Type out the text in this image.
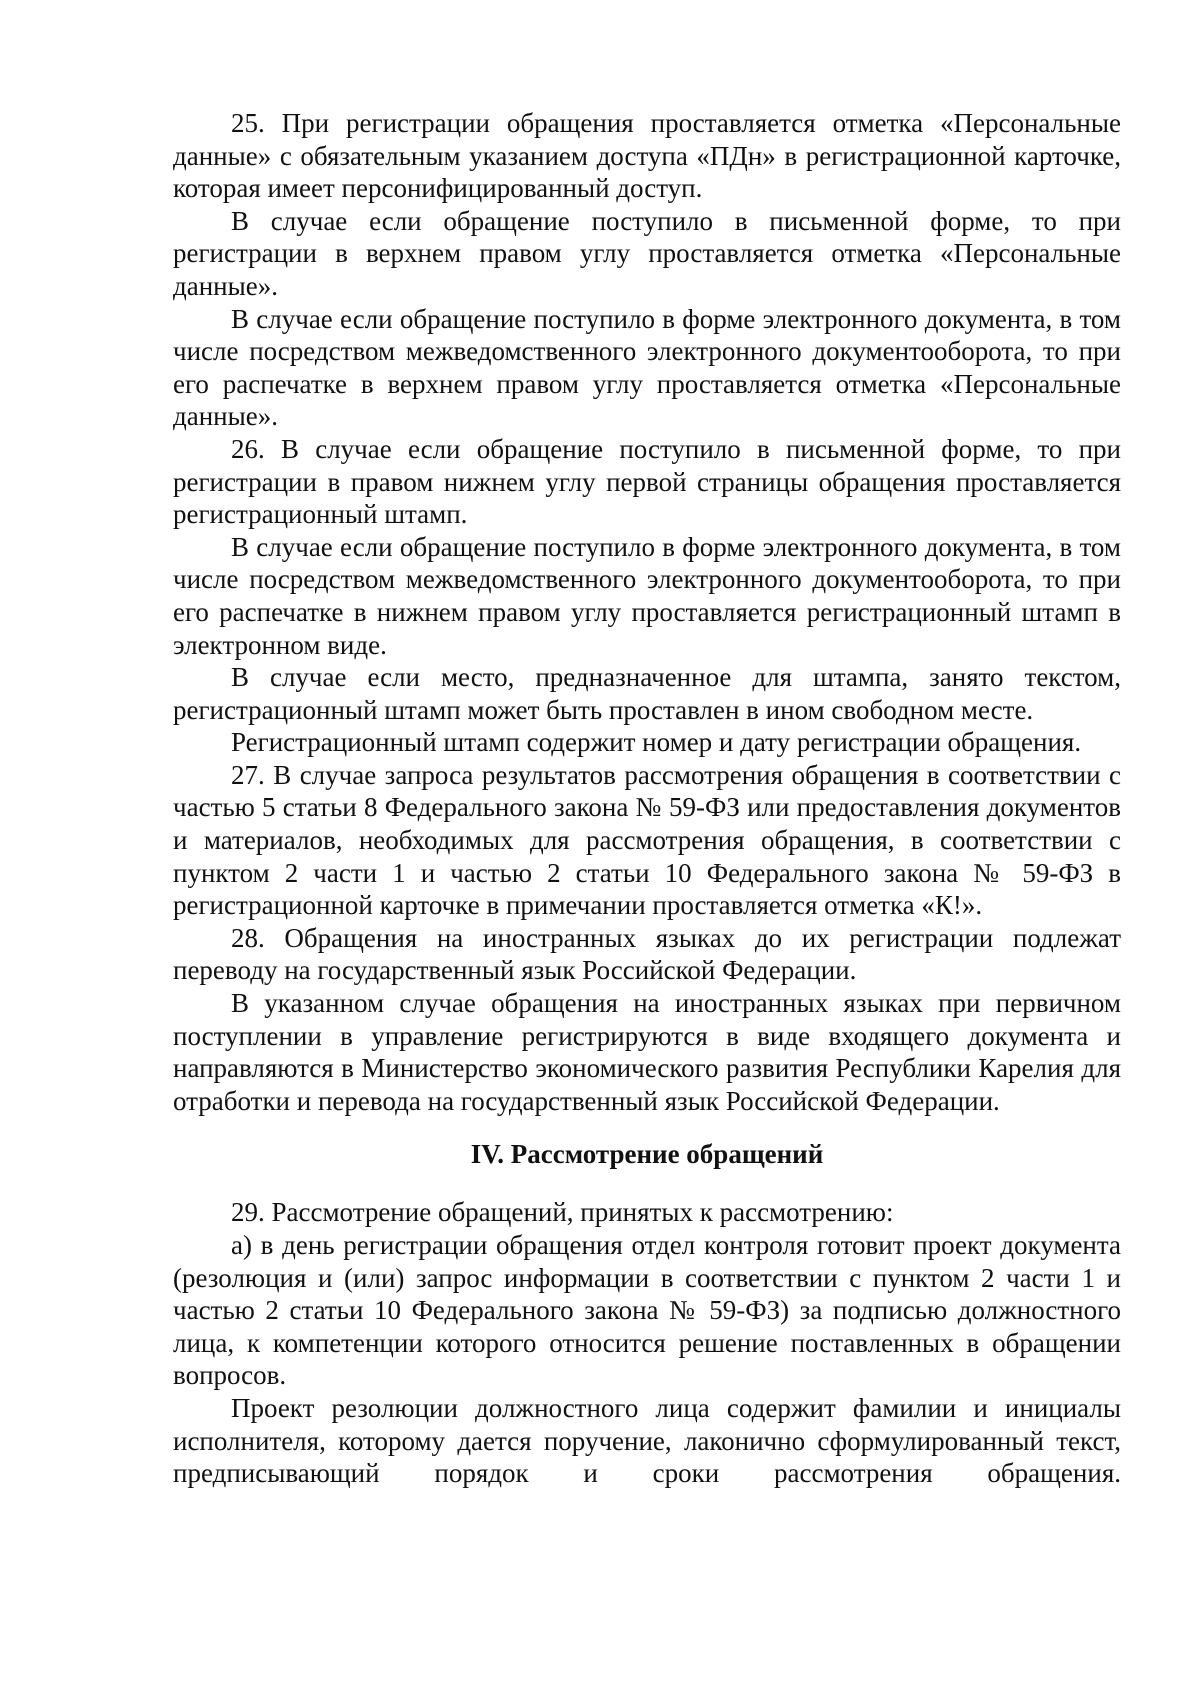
25. При регистрации обращения проставляется отметка «Персональные данные» с обязательным указанием доступа «ПДн» в регистрационной карточке, которая имеет персонифицированный доступ.

В случае если обращение поступило в письменной форме, то при регистрации в верхнем правом углу проставляется отметка «Персональные данные».

В случае если обращение поступило в форме электронного документа, в том числе посредством межведомственного электронного документооборота, то при его распечатке в верхнем правом углу проставляется отметка «Персональные данные».

26. В случае если обращение поступило в письменной форме, то при регистрации в правом нижнем углу первой страницы обращения проставляется регистрационный штамп.

В случае если обращение поступило в форме электронного документа, в том числе посредством межведомственного электронного документооборота, то при его распечатке в нижнем правом углу проставляется регистрационный штамп в электронном виде.

В случае если место, предназначенное для штампа, занято текстом, регистрационный штамп может быть проставлен в ином свободном месте.

Регистрационный штамп содержит номер и дату регистрации обращения.

27. В случае запроса результатов рассмотрения обращения в соответствии с частью 5 статьи 8 Федерального закона № 59-ФЗ или предоставления документов и материалов, необходимых для рассмотрения обращения, в соответствии с пунктом 2 части 1 и частью 2 статьи 10 Федерального закона № 59-ФЗ в регистрационной карточке в примечании проставляется отметка «К!».

28. Обращения на иностранных языках до их регистрации подлежат переводу на государственный язык Российской Федерации.

В указанном случае обращения на иностранных языках при первичном поступлении в управление регистрируются в виде входящего документа и направляются в Министерство экономического развития Республики Карелия для отработки и перевода на государственный язык Российской Федерации.

IV. Рассмотрение обращений

29. Рассмотрение обращений, принятых к рассмотрению:

а) в день регистрации обращения отдел контроля готовит проект документа (резолюция и (или) запрос информации в соответствии с пунктом 2 части 1 и частью 2 статьи 10 Федерального закона № 59-ФЗ) за подписью должностного лица, к компетенции которого относится решение поставленных в обращении вопросов.

Проект резолюции должностного лица содержит фамилии и инициалы исполнителя, которому дается поручение, лаконично сформулированный текст, предписывающий порядок и сроки рассмотрения обращения.
